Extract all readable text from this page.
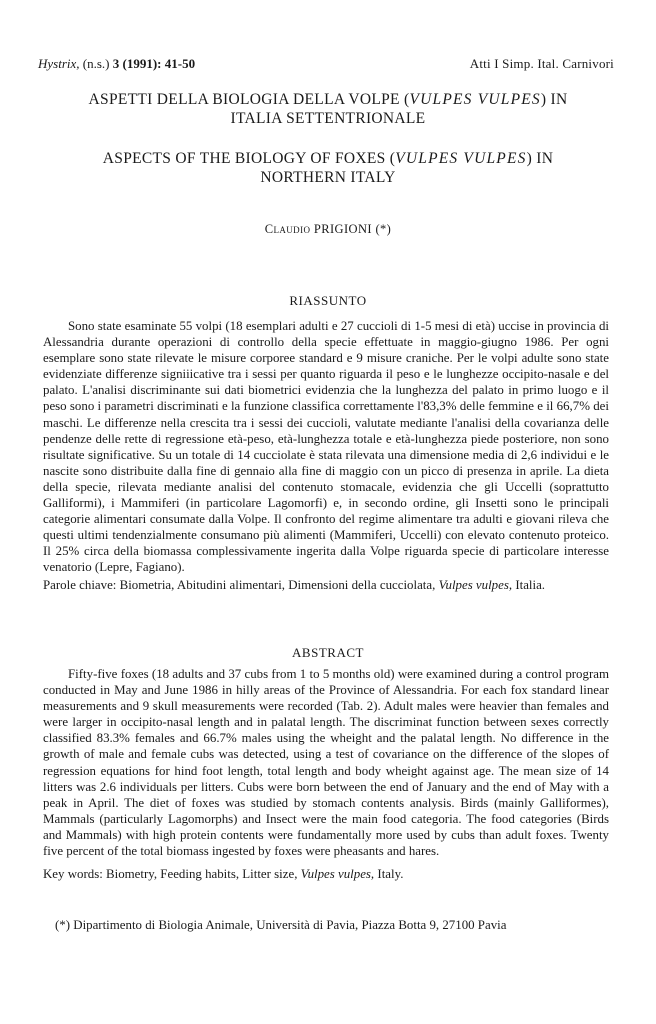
Hystrix, (n.s.) 3 (1991): 41-50	Atti I Simp. Ital. Carnivori
ASPETTI DELLA BIOLOGIA DELLA VOLPE (VULPES VULPES) IN
ITALIA SETTENTRIONALE
ASPECTS OF THE BIOLOGY OF FOXES (VULPES VULPES) IN
NORTHERN ITALY
Claudio PRIGIONI (*)
RIASSUNTO

Sono state esaminate 55 volpi (18 esemplari adulti e 27 cuccioli di 1-5 mesi di età) uccise in provincia di Alessandria durante operazioni di controllo della specie effettuate in maggio-giugno 1986. Per ogni esemplare sono state rilevate le misure corporee standard e 9 misure craniche. Per le volpi adulte sono state evidenziate differenze signiiicative tra i sessi per quanto riguarda il peso e le lunghezze occipito-nasale e del palato. L'analisi discriminante sui dati biometrici evidenzia che la lunghezza del palato in primo luogo e il peso sono i parametri discriminati e la funzione classifica correttamente l'83,3% delle femmine e il 66,7% dei maschi. Le differenze nella crescita tra i sessi dei cuccioli, valutate mediante l'analisi della covarianza delle pendenze delle rette di regressione età-peso, età-lunghezza totale e età-lunghezza piede posteriore, non sono risultate significative. Su un totale di 14 cucciolate è stata rilevata una dimensione media di 2,6 individui e le nascite sono distribuite dalla fine di gennaio alla fine di maggio con un picco di presenza in aprile. La dieta della specie, rilevata mediante analisi del contenuto stomacale, evidenzia che gli Uccelli (soprattutto Galliformi), i Mammiferi (in particolare Lagomorfi) e, in secondo ordine, gli Insetti sono le principali categorie alimentari consumate dalla Volpe. Il confronto del regime alimentare tra adulti e giovani rileva che questi ultimi tendenzialmente consumano più alimenti (Mammiferi, Uccelli) con elevato contenuto proteico. Il 25% circa della biomassa complessivamente ingerita dalla Volpe riguarda specie di particolare interesse venatorio (Lepre, Fagiano).

Parole chiave: Biometria, Abitudini alimentari, Dimensioni della cucciolata, Vulpes vulpes, Italia.
ABSTRACT

Fifty-five foxes (18 adults and 37 cubs from 1 to 5 months old) were examined during a control program conducted in May and June 1986 in hilly areas of the Province of Alessandria. For each fox standard linear measurements and 9 skull measurements were recorded (Tab. 2). Adult males were heavier than females and were larger in occipito-nasal length and in palatal length. The discriminat function between sexes correctly classified 83.3% females and 66.7% males using the wheight and the palatal length. No difference in the growth of male and female cubs was detected, using a test of covariance on the difference of the slopes of regression equations for hind foot length, total length and body wheight against age. The mean size of 14 litters was 2.6 individuals per litters. Cubs were born between the end of January and the end of May with a peak in April. The diet of foxes was studied by stomach contents analysis. Birds (mainly Galliformes), Mammals (particularly Lagomorphs) and Insect were the main food categoria. The food categories (Birds and Mammals) with high protein contents were fundamentally more used by cubs than adult foxes. Twenty five percent of the total biomass ingested by foxes were pheasants and hares.

Key words: Biometry, Feeding habits, Litter size, Vulpes vulpes, Italy.
(*) Dipartimento di Biologia Animale, Università di Pavia, Piazza Botta 9, 27100 Pavia
